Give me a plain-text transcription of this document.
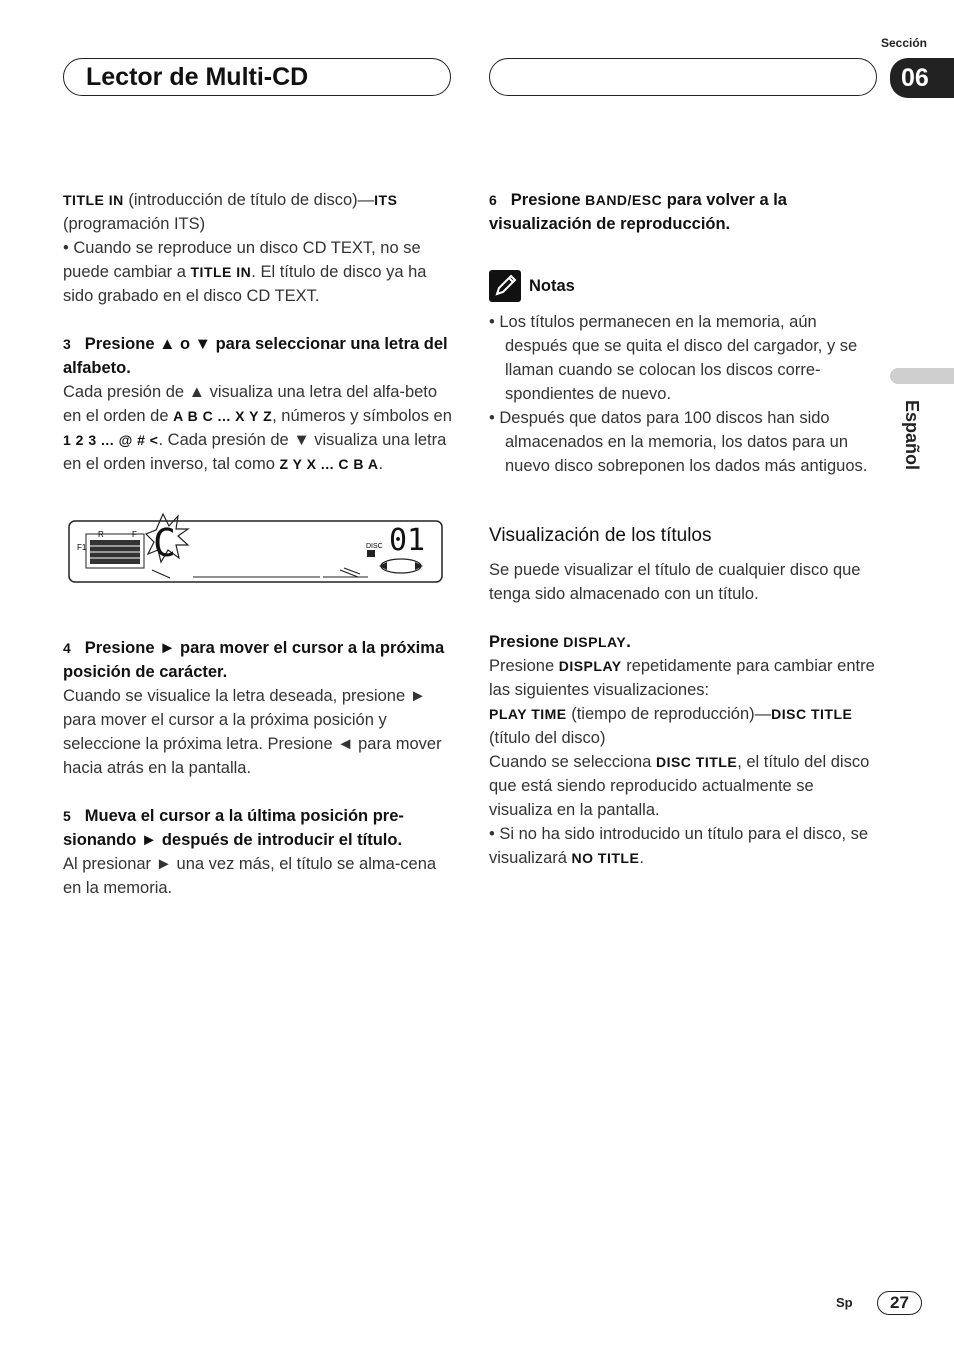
Lector de Multi-CD
Sección
06
Español

TITLE IN (introducción de título de disco)—ITS (programación ITS)

• Cuando se reproduce un disco CD TEXT, no se puede cambiar a TITLE IN. El título de disco ya ha sido grabado en el disco CD TEXT.

3 Presione ▲ o ▼ para seleccionar una letra del alfabeto.

Cada presión de ▲ visualiza una letra del alfa-beto en el orden de A B C ... X Y Z, números y símbolos en 1 2 3 ... @ # <. Cada presión de ▼ visualiza una letra en el orden inverso, tal como Z Y X ... C B A.

F1
R	F C	DISC 01

4 Presione ► para mover el cursor a la próxima posición de carácter.

Cuando se visualice la letra deseada, presione ► para mover el cursor a la próxima posición y seleccione la próxima letra. Presione ◄ para mover hacia atrás en la pantalla.

5 Mueva el cursor a la última posición pre-sionando ► después de introducir el título.

Al presionar ► una vez más, el título se alma-cena en la memoria.

6 Presione BAND/ESC para volver a la visualización de reproducción.

Notas

• Los títulos permanecen en la memoria, aún después que se quita el disco del cargador, y se llaman cuando se colocan los discos corre-spondientes de nuevo.

• Después que datos para 100 discos han sido almacenados en la memoria, los datos para un nuevo disco sobreponen los dados más antiguos.

Visualización de los títulos

Se puede visualizar el título de cualquier disco que tenga sido almacenado con un título.

Presione DISPLAY.

Presione DISPLAY repetidamente para cambiar entre las siguientes visualizaciones:

PLAY TIME (tiempo de reproducción)—DISC TITLE (título del disco)

Cuando se selecciona DISC TITLE, el título del disco que está siendo reproducido actualmente se visualiza en la pantalla.

• Si no ha sido introducido un título para el disco, se visualizará NO TITLE.

Sp	27
